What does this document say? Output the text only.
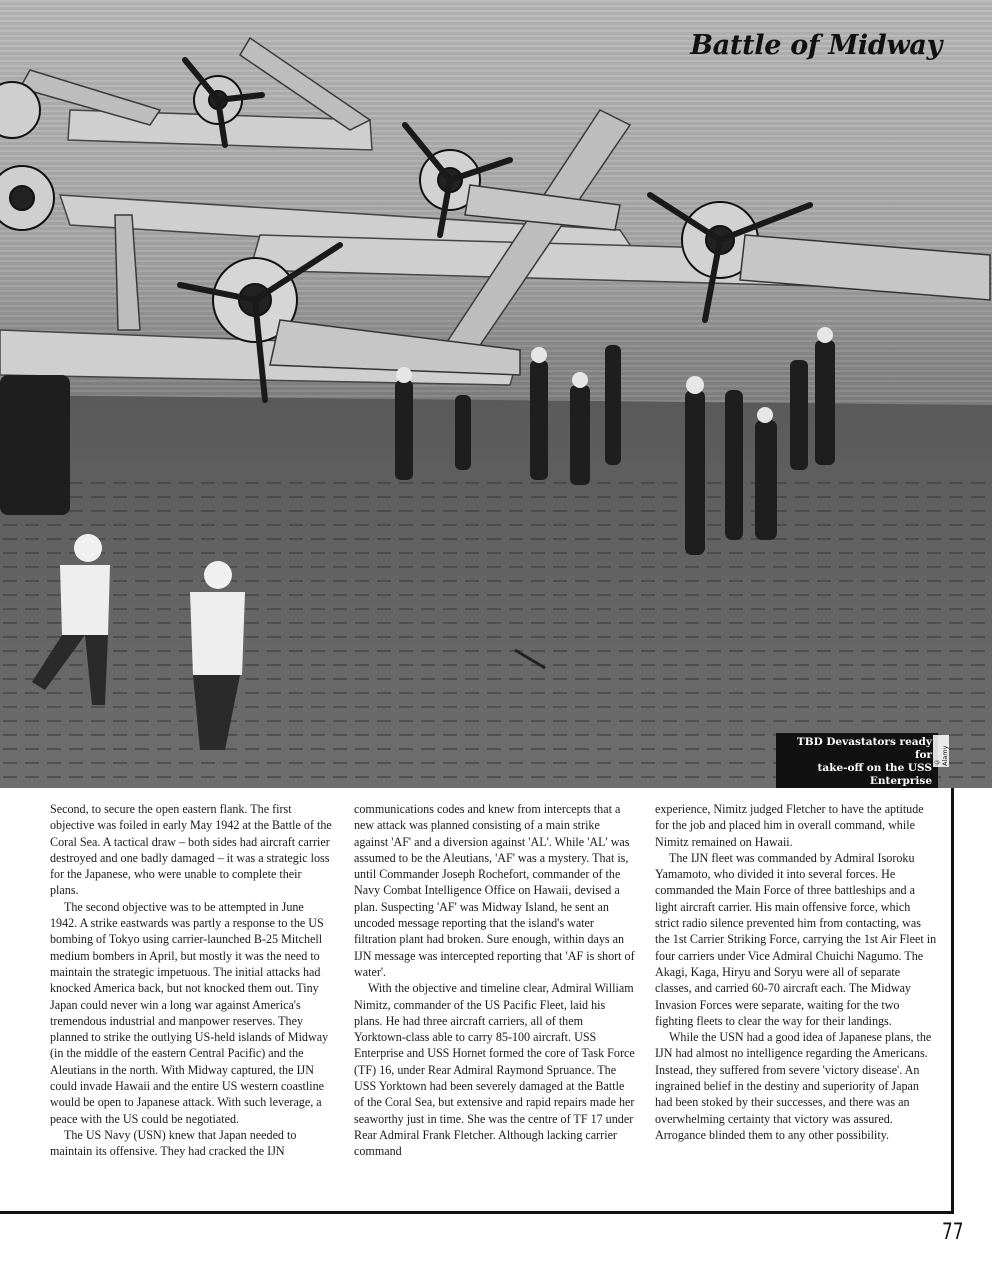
Battle of Midway
TBD Devastators ready for
take-off on the USS Enterprise
© Alamy

Second, to secure the open eastern flank. The first objective was foiled in early May 1942 at the Battle of the Coral Sea. A tactical draw – both sides had aircraft carrier destroyed and one badly damaged – it was a strategic loss for the Japanese, who were unable to complete their plans.

The second objective was to be attempted in June 1942. A strike eastwards was partly a response to the US bombing of Tokyo using carrier-launched B-25 Mitchell medium bombers in April, but mostly it was the need to maintain the strategic impetuous. The initial attacks had knocked America back, but not knocked them out. Tiny Japan could never win a long war against America's tremendous industrial and manpower reserves. They planned to strike the outlying US-held islands of Midway (in the middle of the eastern Central Pacific) and the Aleutians in the north. With Midway captured, the IJN could invade Hawaii and the entire US western coastline would be open to Japanese attack. With such leverage, a peace with the US could be negotiated.

The US Navy (USN) knew that Japan needed to maintain its offensive. They had cracked the IJN

communications codes and knew from intercepts that a new attack was planned consisting of a main strike against 'AF' and a diversion against 'AL'. While 'AL' was assumed to be the Aleutians, 'AF' was a mystery. That is, until Commander Joseph Rochefort, commander of the Navy Combat Intelligence Office on Hawaii, devised a plan. Suspecting 'AF' was Midway Island, he sent an uncoded message reporting that the island's water filtration plant had broken. Sure enough, within days an IJN message was intercepted reporting that 'AF is short of water'.

With the objective and timeline clear, Admiral William Nimitz, commander of the US Pacific Fleet, laid his plans. He had three aircraft carriers, all of them Yorktown-class able to carry 85-100 aircraft. USS Enterprise and USS Hornet formed the core of Task Force (TF) 16, under Rear Admiral Raymond Spruance. The USS Yorktown had been severely damaged at the Battle of the Coral Sea, but extensive and rapid repairs made her seaworthy just in time. She was the centre of TF 17 under Rear Admiral Frank Fletcher. Although lacking carrier command

experience, Nimitz judged Fletcher to have the aptitude for the job and placed him in overall command, while Nimitz remained on Hawaii.

The IJN fleet was commanded by Admiral Isoroku Yamamoto, who divided it into several forces. He commanded the Main Force of three battleships and a light aircraft carrier. His main offensive force, which strict radio silence prevented him from contacting, was the 1st Carrier Striking Force, carrying the 1st Air Fleet in four carriers under Vice Admiral Chuichi Nagumo. The Akagi, Kaga, Hiryu and Soryu were all of separate classes, and carried 60-70 aircraft each. The Midway Invasion Forces were separate, waiting for the two fighting fleets to clear the way for their landings.

While the USN had a good idea of Japanese plans, the IJN had almost no intelligence regarding the Americans. Instead, they suffered from severe 'victory disease'. An ingrained belief in the destiny and superiority of Japan had been stoked by their successes, and there was an overwhelming certainty that victory was assured. Arrogance blinded them to any other possibility.

77
